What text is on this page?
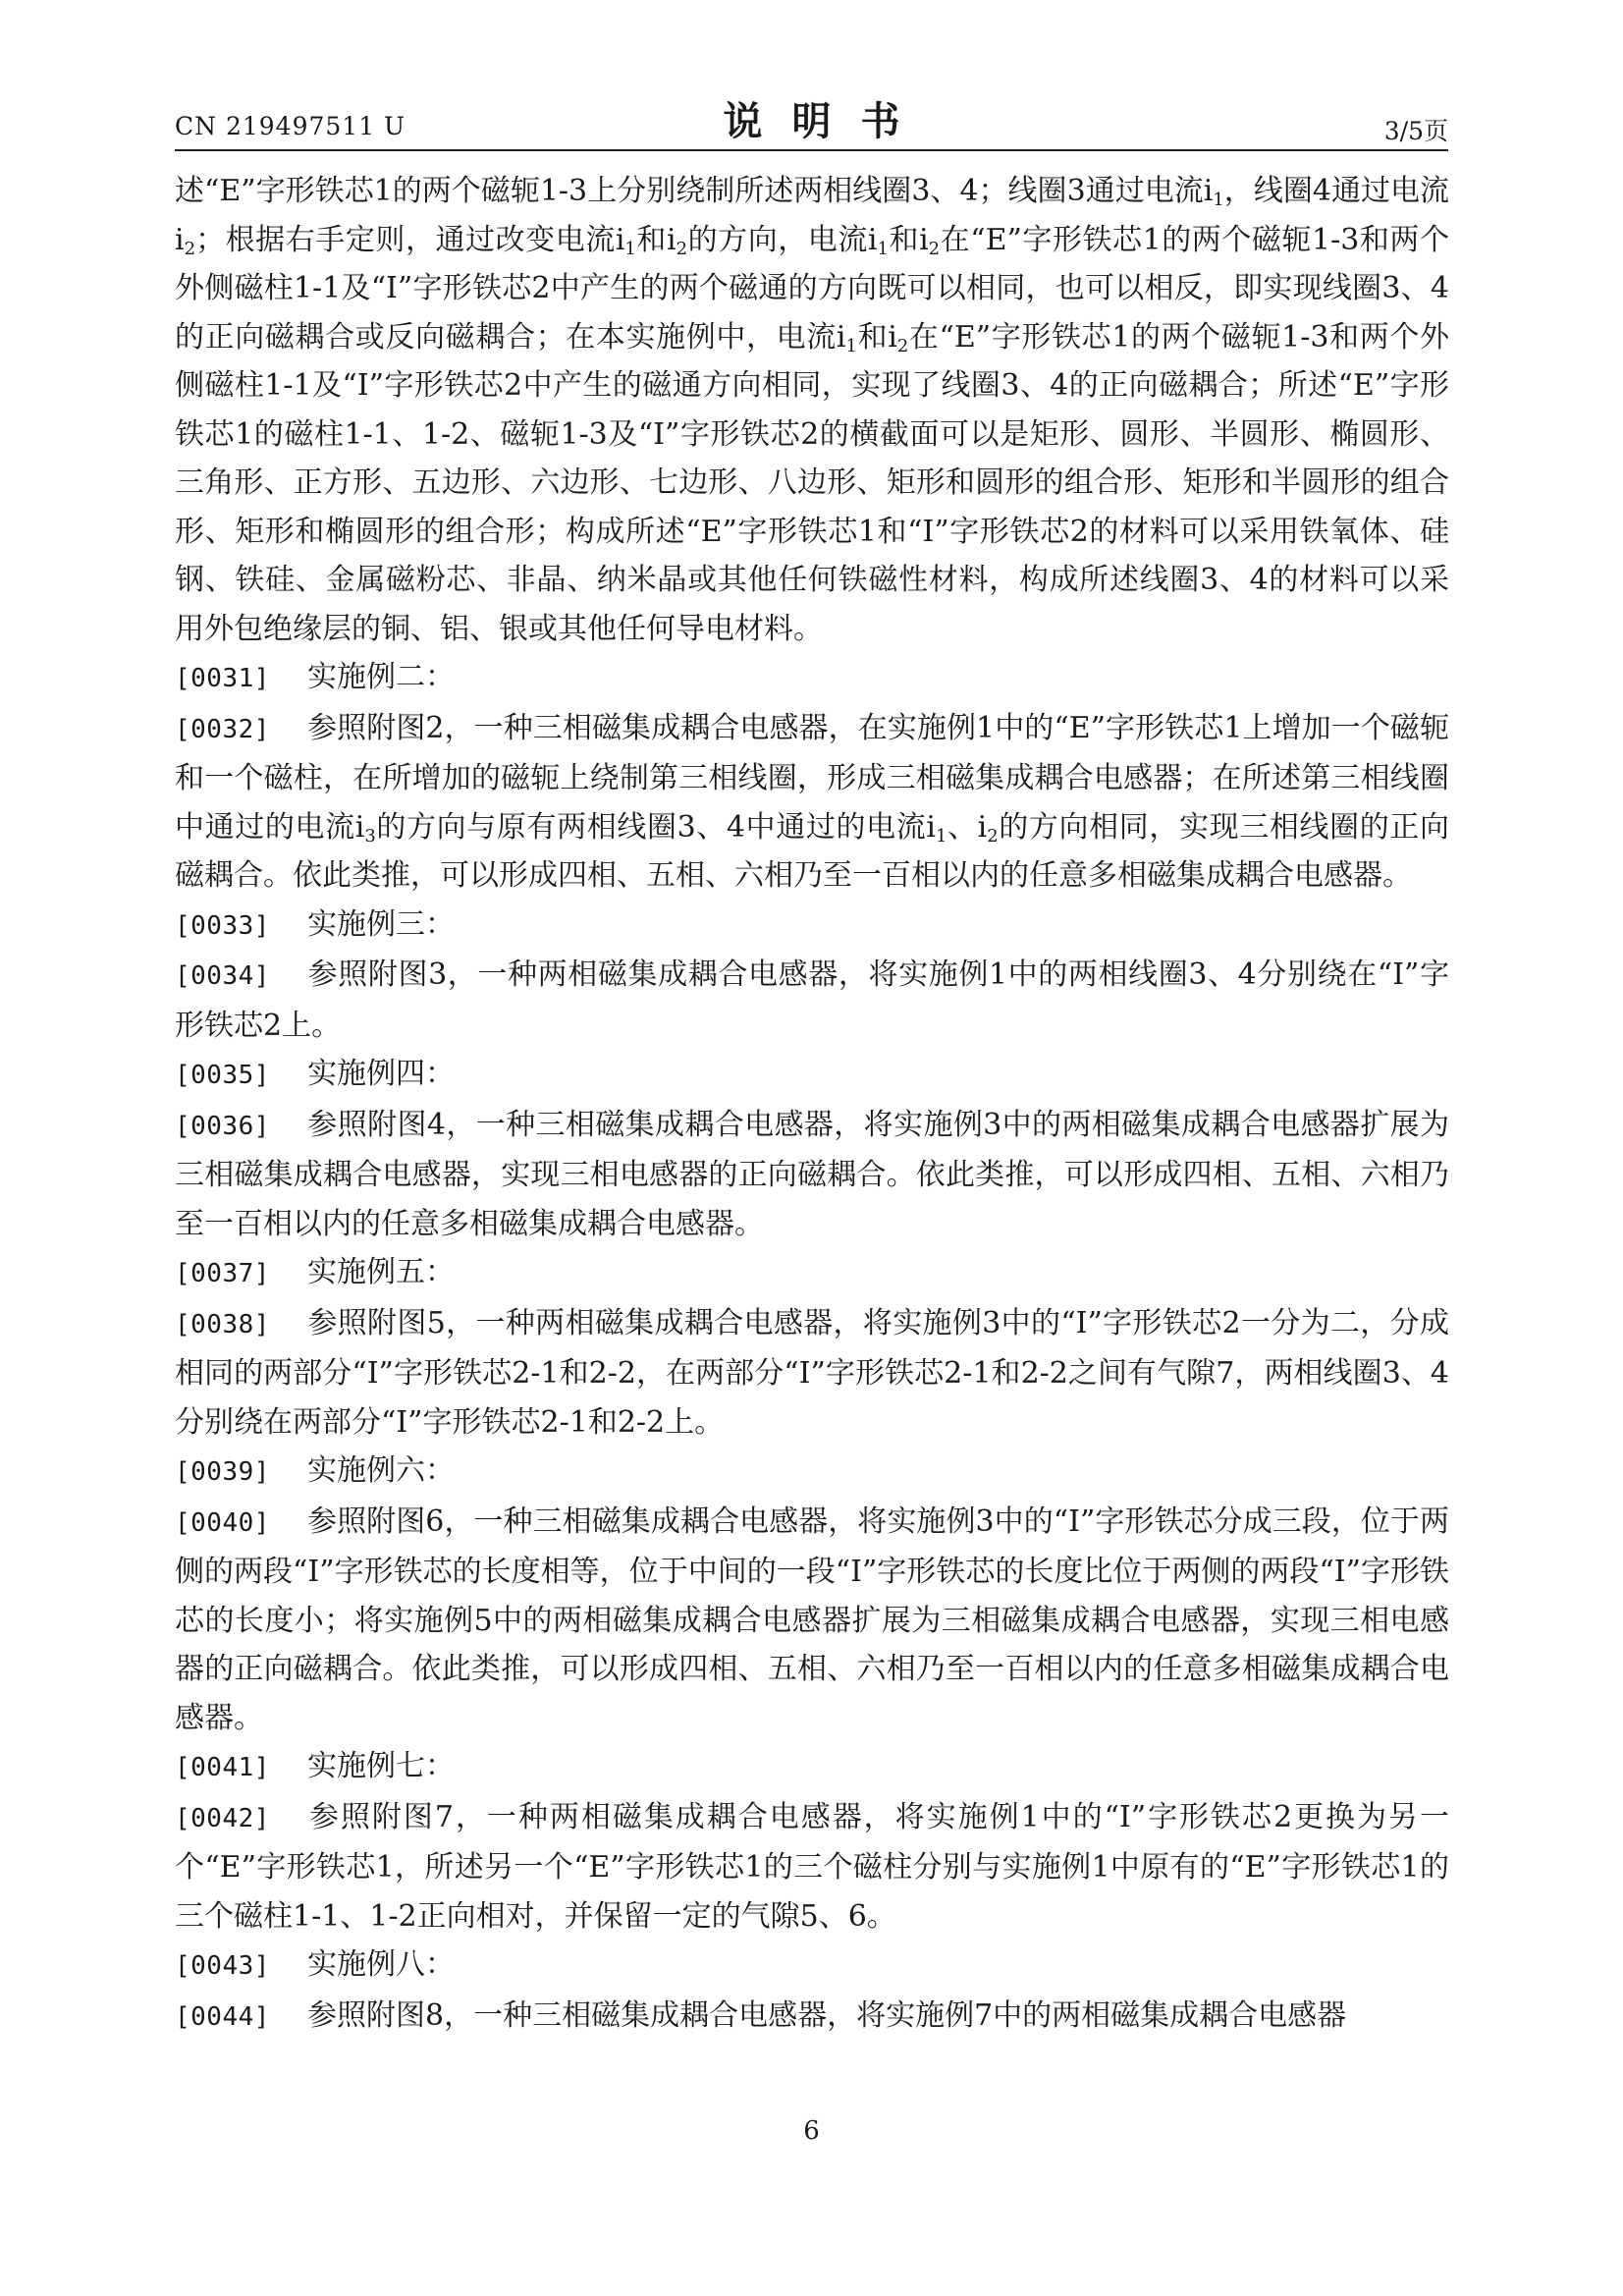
CN 219497511 U	说明书	3/5页

述“E”字形铁芯1的两个磁轭1-3上分别绕制所述两相线圈3、4；线圈3通过电流$i_1$，线圈4通过电流$i_2$；根据右手定则，通过改变电流$i_1$和$i_2$的方向，电流$i_1$和$i_2$在“E”字形铁芯1的两个磁轭1-3和两个外侧磁柱1-1及“I”字形铁芯2中产生的两个磁通的方向既可以相同，也可以相反，即实现线圈3、4的正向磁耦合或反向磁耦合；在本实施例中，电流$i_1$和$i_2$在“E”字形铁芯1的两个磁轭1-3和两个外侧磁柱1-1及“I”字形铁芯2中产生的磁通方向相同，实现了线圈3、4的正向磁耦合；所述“E”字形铁芯1的磁柱1-1、1-2、磁轭1-3及“I”字形铁芯2的横截面可以是矩形、圆形、半圆形、椭圆形、三角形、正方形、五边形、六边形、七边形、八边形、矩形和圆形的组合形、矩形和半圆形的组合形、矩形和椭圆形的组合形；构成所述“E”字形铁芯1和“I”字形铁芯2的材料可以采用铁氧体、硅钢、铁硅、金属磁粉芯、非晶、纳米晶或其他任何铁磁性材料，构成所述线圈3、4的材料可以采用外包绝缘层的铜、铝、银或其他任何导电材料。

[0031] 实施例二：

[0032] 参照附图2，一种三相磁集成耦合电感器，在实施例1中的“E”字形铁芯1上增加一个磁轭和一个磁柱，在所增加的磁轭上绕制第三相线圈，形成三相磁集成耦合电感器；在所述第三相线圈中通过的电流$i_3$的方向与原有两相线圈3、4中通过的电流$i_1$、$i_2$的方向相同，实现三相线圈的正向磁耦合。依此类推，可以形成四相、五相、六相乃至一百相以内的任意多相磁集成耦合电感器。

[0033] 实施例三：

[0034] 参照附图3，一种两相磁集成耦合电感器，将实施例1中的两相线圈3、4分别绕在“I”字形铁芯2上。

[0035] 实施例四：

[0036] 参照附图4，一种三相磁集成耦合电感器，将实施例3中的两相磁集成耦合电感器扩展为三相磁集成耦合电感器，实现三相电感器的正向磁耦合。依此类推，可以形成四相、五相、六相乃至一百相以内的任意多相磁集成耦合电感器。

[0037] 实施例五：

[0038] 参照附图5，一种两相磁集成耦合电感器，将实施例3中的“I”字形铁芯2一分为二，分成相同的两部分“I”字形铁芯2-1和2-2，在两部分“I”字形铁芯2-1和2-2之间有气隙7，两相线圈3、4分别绕在两部分“I”字形铁芯2-1和2-2上。

[0039] 实施例六：

[0040] 参照附图6，一种三相磁集成耦合电感器，将实施例3中的“I”字形铁芯分成三段，位于两侧的两段“I”字形铁芯的长度相等，位于中间的一段“I”字形铁芯的长度比位于两侧的两段“I”字形铁芯的长度小；将实施例5中的两相磁集成耦合电感器扩展为三相磁集成耦合电感器，实现三相电感器的正向磁耦合。依此类推，可以形成四相、五相、六相乃至一百相以内的任意多相磁集成耦合电感器。

[0041] 实施例七：

[0042] 参照附图7，一种两相磁集成耦合电感器，将实施例1中的“I”字形铁芯2更换为另一个“E”字形铁芯1，所述另一个“E”字形铁芯1的三个磁柱分别与实施例1中原有的“E”字形铁芯1的三个磁柱1-1、1-2正向相对，并保留一定的气隙5、6。

[0043] 实施例八：

[0044] 参照附图8，一种三相磁集成耦合电感器，将实施例7中的两相磁集成耦合电感器

6
